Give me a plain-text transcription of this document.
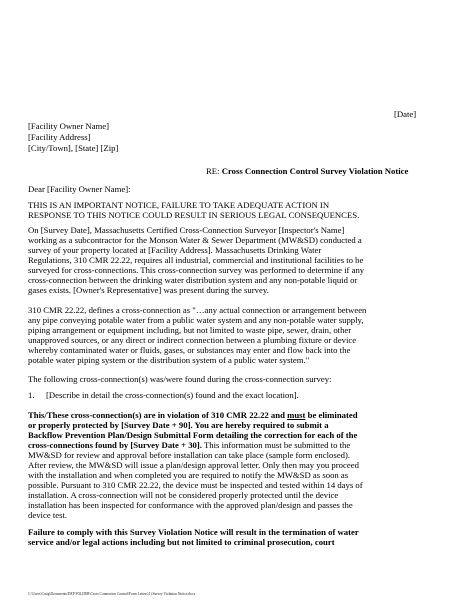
[Date]

[Facility Owner Name]

[Facility Address]

[City/Town], [State] [Zip]

RE: Cross Connection Control Survey Violation Notice

Dear [Facility Owner Name]:

THIS IS AN IMPORTANT NOTICE, FAILURE TO TAKE ADEQUATE ACTION IN

RESPONSE TO THIS NOTICE COULD RESULT IN SERIOUS LEGAL CONSEQUENCES.

On [Survey Date], Massachusetts Certified Cross-Connection Surveyor [Inspector's Name]

working as a subcontractor for the Monson Water & Sewer Department (MW&SD) conducted a

survey of your property located at [Facility Address]. Massachusetts Drinking Water

Regulations, 310 CMR 22.22, requires all industrial, commercial and institutional facilities to be

surveyed for cross-connections. This cross-connection survey was performed to determine if any

cross-connection between the drinking water distribution system and any non-potable liquid or

gases exists. [Owner's Representative] was present during the survey.

310 CMR 22.22, defines a cross-connection as "…any actual connection or arrangement between

any pipe conveying potable water from a public water system and any non-potable water supply,

piping arrangement or equipment including, but not limited to waste pipe, sewer, drain, other

unapproved sources, or any direct or indirect connection between a plumbing fixture or device

whereby contaminated water or fluids, gases, or substances may enter and flow back into the

potable water piping system or the distribution system of a public water system."

The following cross-connection(s) was/were found during the cross-connection survey:

1. [Describe in detail the cross-connection(s) found and the exact location].

This/These cross-connection(s) are in violation of 310 CMR 22.22 and must be eliminated

or properly protected by [Survey Date + 90]. You are hereby required to submit a

Backflow Prevention Plan/Design Submittal Form detailing the correction for each of the

cross-connections found by [Survey Date + 30]. This information must be submitted to the

MW&SD for review and approval before installation can take place (sample form enclosed).

After review, the MW&SD will issue a plan/design approval letter. Only then may you proceed

with the installation and when completed you are required to notify the MW&SD as soon as

possible. Pursuant to 310 CMR 22.22, the device must be inspected and tested within 14 days of

installation. A cross-connection will not be considered properly protected until the device

installation has been inspected for conformance with the approved plan/design and passes the

device test.

Failure to comply with this Survey Violation Notice will result in the termination of water

service and/or legal actions including but not limited to criminal prosecution, court

C:\Users\Craig\Documents\DEP FOLDER\Cross Connection Control\Form Letters\1) Survey Violation Notice.docx
